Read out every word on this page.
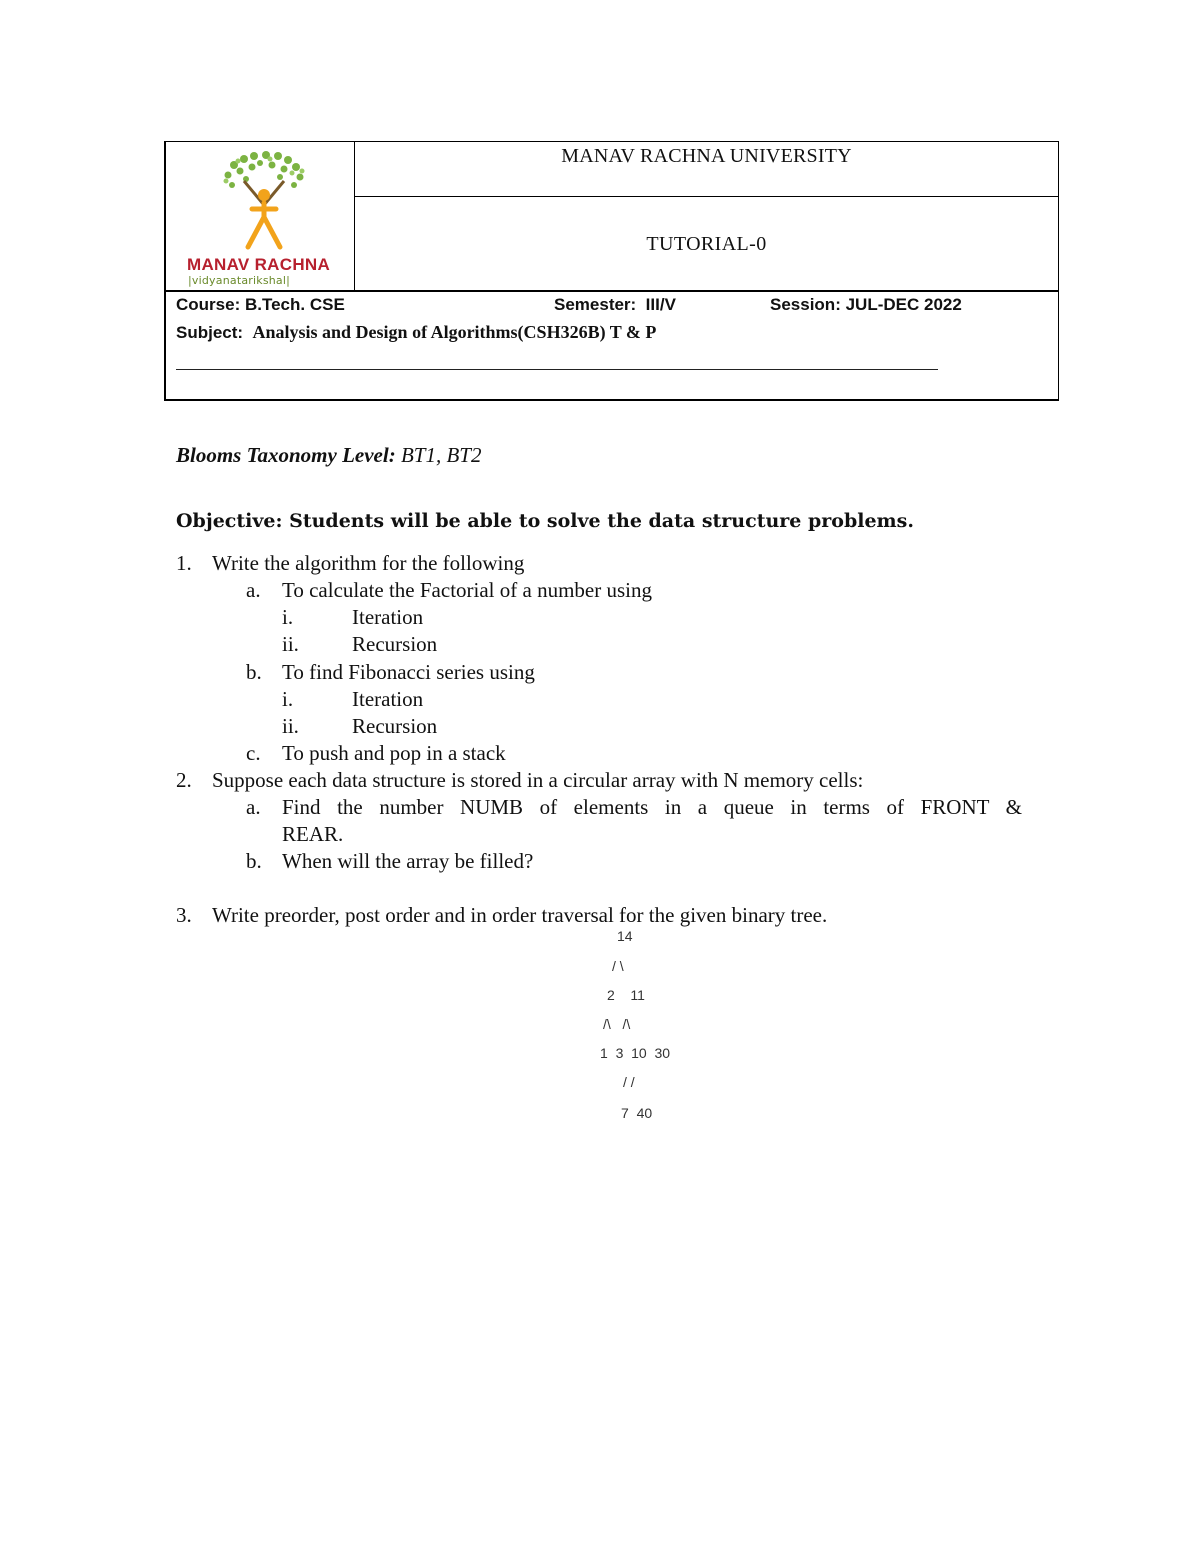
MANAV RACHNA
|vidyanatarikshal|
MANAV RACHNA UNIVERSITY
TUTORIAL-0
Course: B.Tech. CSE	Semester: III/V	Session: JUL-DEC 2022
Subject: Analysis and Design of Algorithms(CSH326B) T & P
Blooms Taxonomy Level: BT1, BT2
Objective: Students will be able to solve the data structure problems.
1. Write the algorithm for the following
a. To calculate the Factorial of a number using
i.	Iteration
ii.	Recursion
b. To find Fibonacci series using
i.	Iteration
ii.	Recursion
c. To push and pop in a stack
2. Suppose each data structure is stored in a circular array with N memory cells:
a. Find the number NUMB of elements in a queue in terms of FRONT &
REAR.
b. When will the array be filled?
3. Write preorder, post order and in order traversal for the given binary tree.
14
/ \
2    11
/\   /\
1  3  10  30
/ /
7  40
